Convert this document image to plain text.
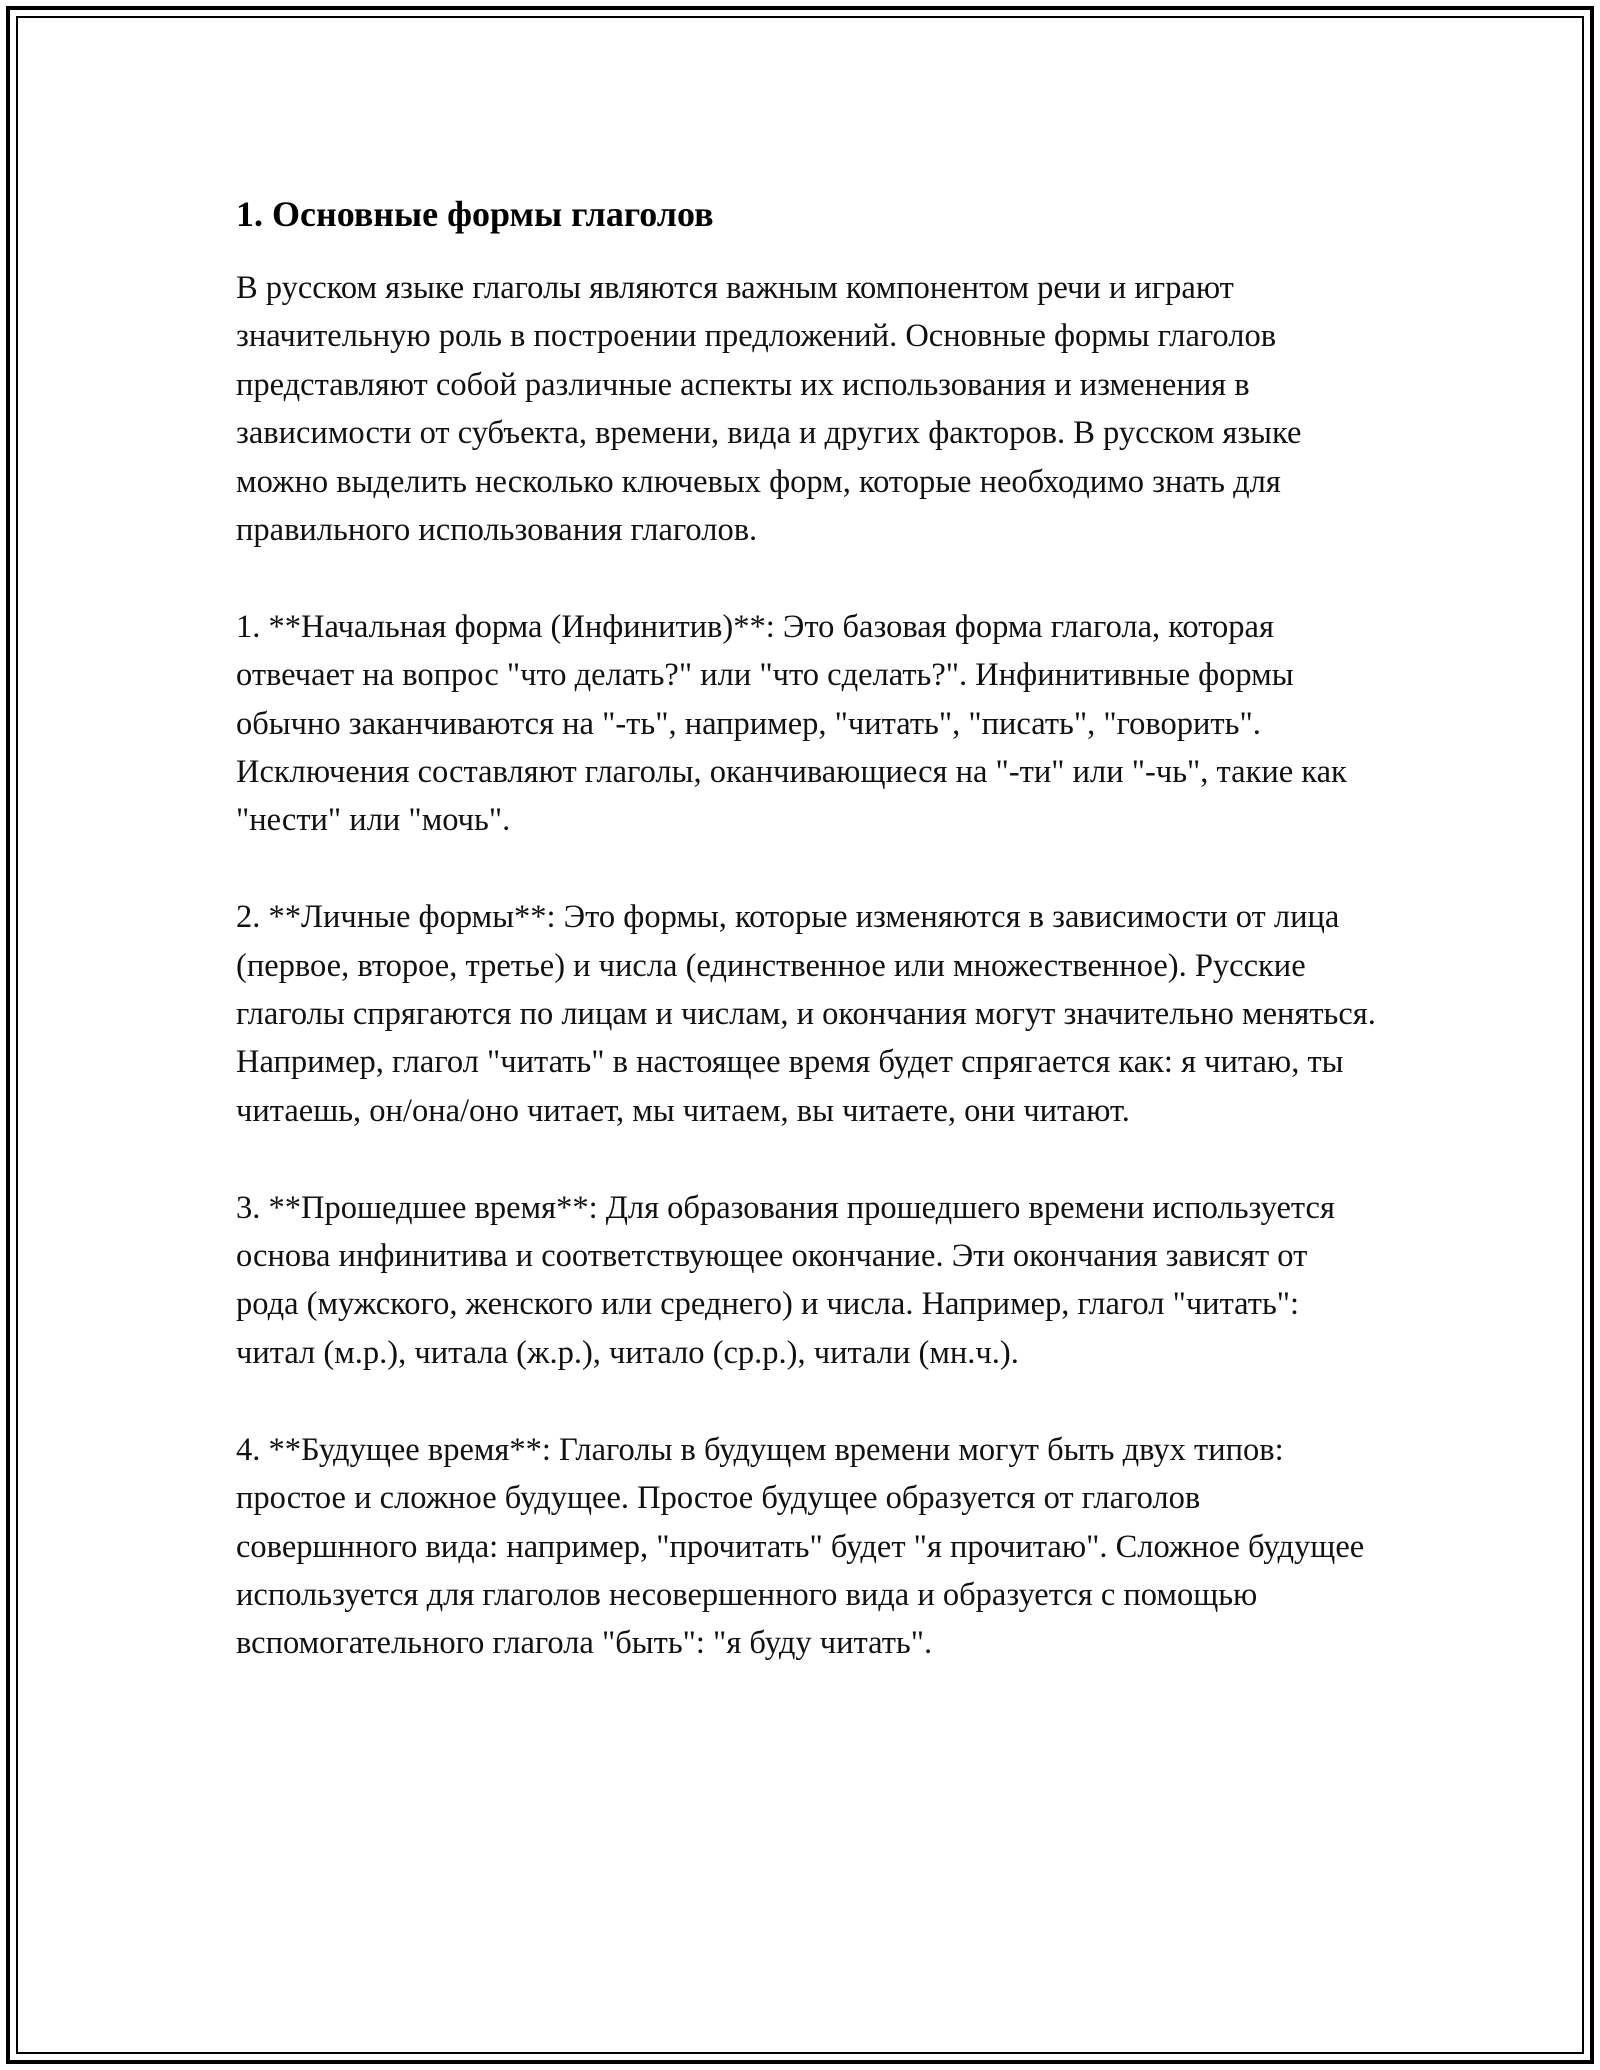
1. Основные формы глаголов

В русском языке глаголы являются важным компонентом речи и играют значительную роль в построении предложений. Основные формы глаголов представляют собой различные аспекты их использования и изменения в зависимости от субъекта, времени, вида и других факторов. В русском языке можно выделить несколько ключевых форм, которые необходимо знать для правильного использования глаголов.

1. **Начальная форма (Инфинитив)**: Это базовая форма глагола, которая отвечает на вопрос "что делать?" или "что сделать?". Инфинитивные формы обычно заканчиваются на "-ть", например, "читать", "писать", "говорить". Исключения составляют глаголы, оканчивающиеся на "-ти" или "-чь", такие как "нести" или "мочь".

2. **Личные формы**: Это формы, которые изменяются в зависимости от лица (первое, второе, третье) и числа (единственное или множественное). Русские глаголы спрягаются по лицам и числам, и окончания могут значительно меняться. Например, глагол "читать" в настоящее время будет спрягается как: я читаю, ты читаешь, он/она/оно читает, мы читаем, вы читаете, они читают.

3. **Прошедшее время**: Для образования прошедшего времени используется основа инфинитива и соответствующее окончание. Эти окончания зависят от рода (мужского, женского или среднего) и числа. Например, глагол "читать": читал (м.р.), читала (ж.р.), читало (ср.р.), читали (мн.ч.).

4. **Будущее время**: Глаголы в будущем времени могут быть двух типов: простое и сложное будущее. Простое будущее образуется от глаголов совершнного вида: например, "прочитать" будет "я прочитаю". Сложное будущее используется для глаголов несовершенного вида и образуется с помощью вспомогательного глагола "быть": "я буду читать".
